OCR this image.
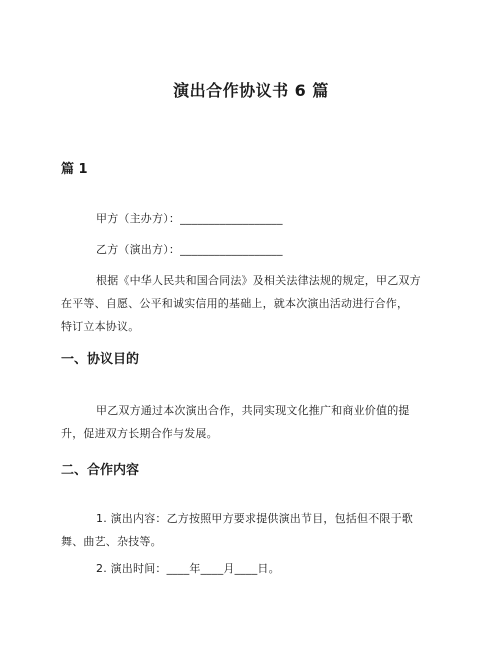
演出合作协议书 6 篇
篇 1
甲方（主办方）：__________________
乙方（演出方）：__________________
根据《中华人民共和国合同法》及相关法律法规的规定，甲乙双方
在平等、自愿、公平和诚实信用的基础上，就本次演出活动进行合作，
特订立本协议。
一、协议目的
甲乙双方通过本次演出合作，共同实现文化推广和商业价值的提
升，促进双方长期合作与发展。
二、合作内容
1. 演出内容：乙方按照甲方要求提供演出节目，包括但不限于歌
舞、曲艺、杂技等。
2. 演出时间：____年____月____日。
